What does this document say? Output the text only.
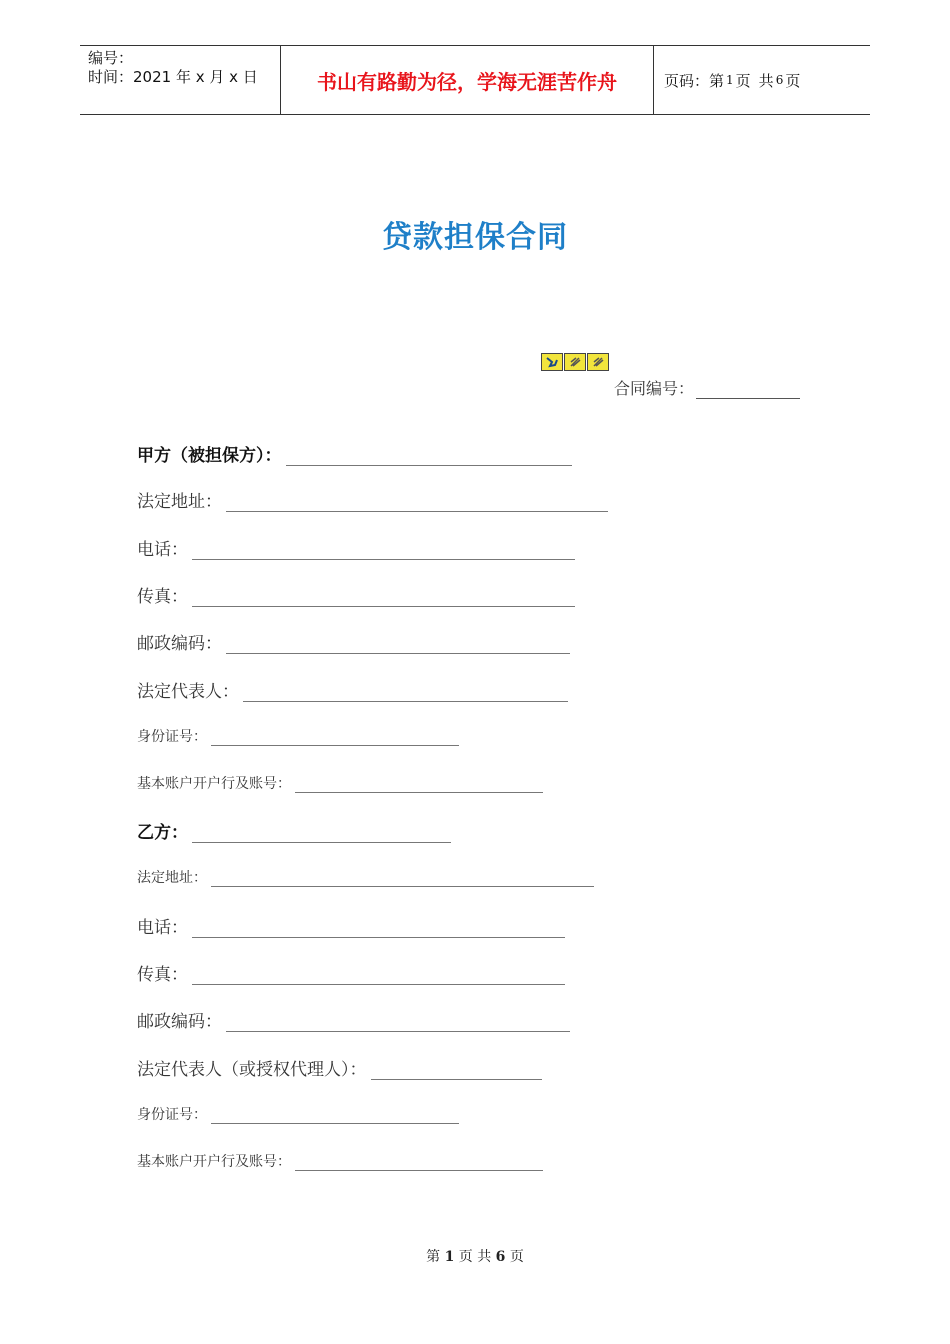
编号：
时间：2021 年 x 月 x 日	书山有路勤为径，学海无涯苦作舟	页码：第 1 页 共 6 页
贷款担保合同
合同编号：
甲方（被担保方）：
法定地址：
电话：
传真：
邮政编码：
法定代表人：
身份证号：
基本账户开户行及账号：
乙方：
法定地址：
电话：
传真：
邮政编码：
法定代表人（或授权代理人）：
身份证号：
基本账户开户行及账号：
第 1 页 共 6 页
